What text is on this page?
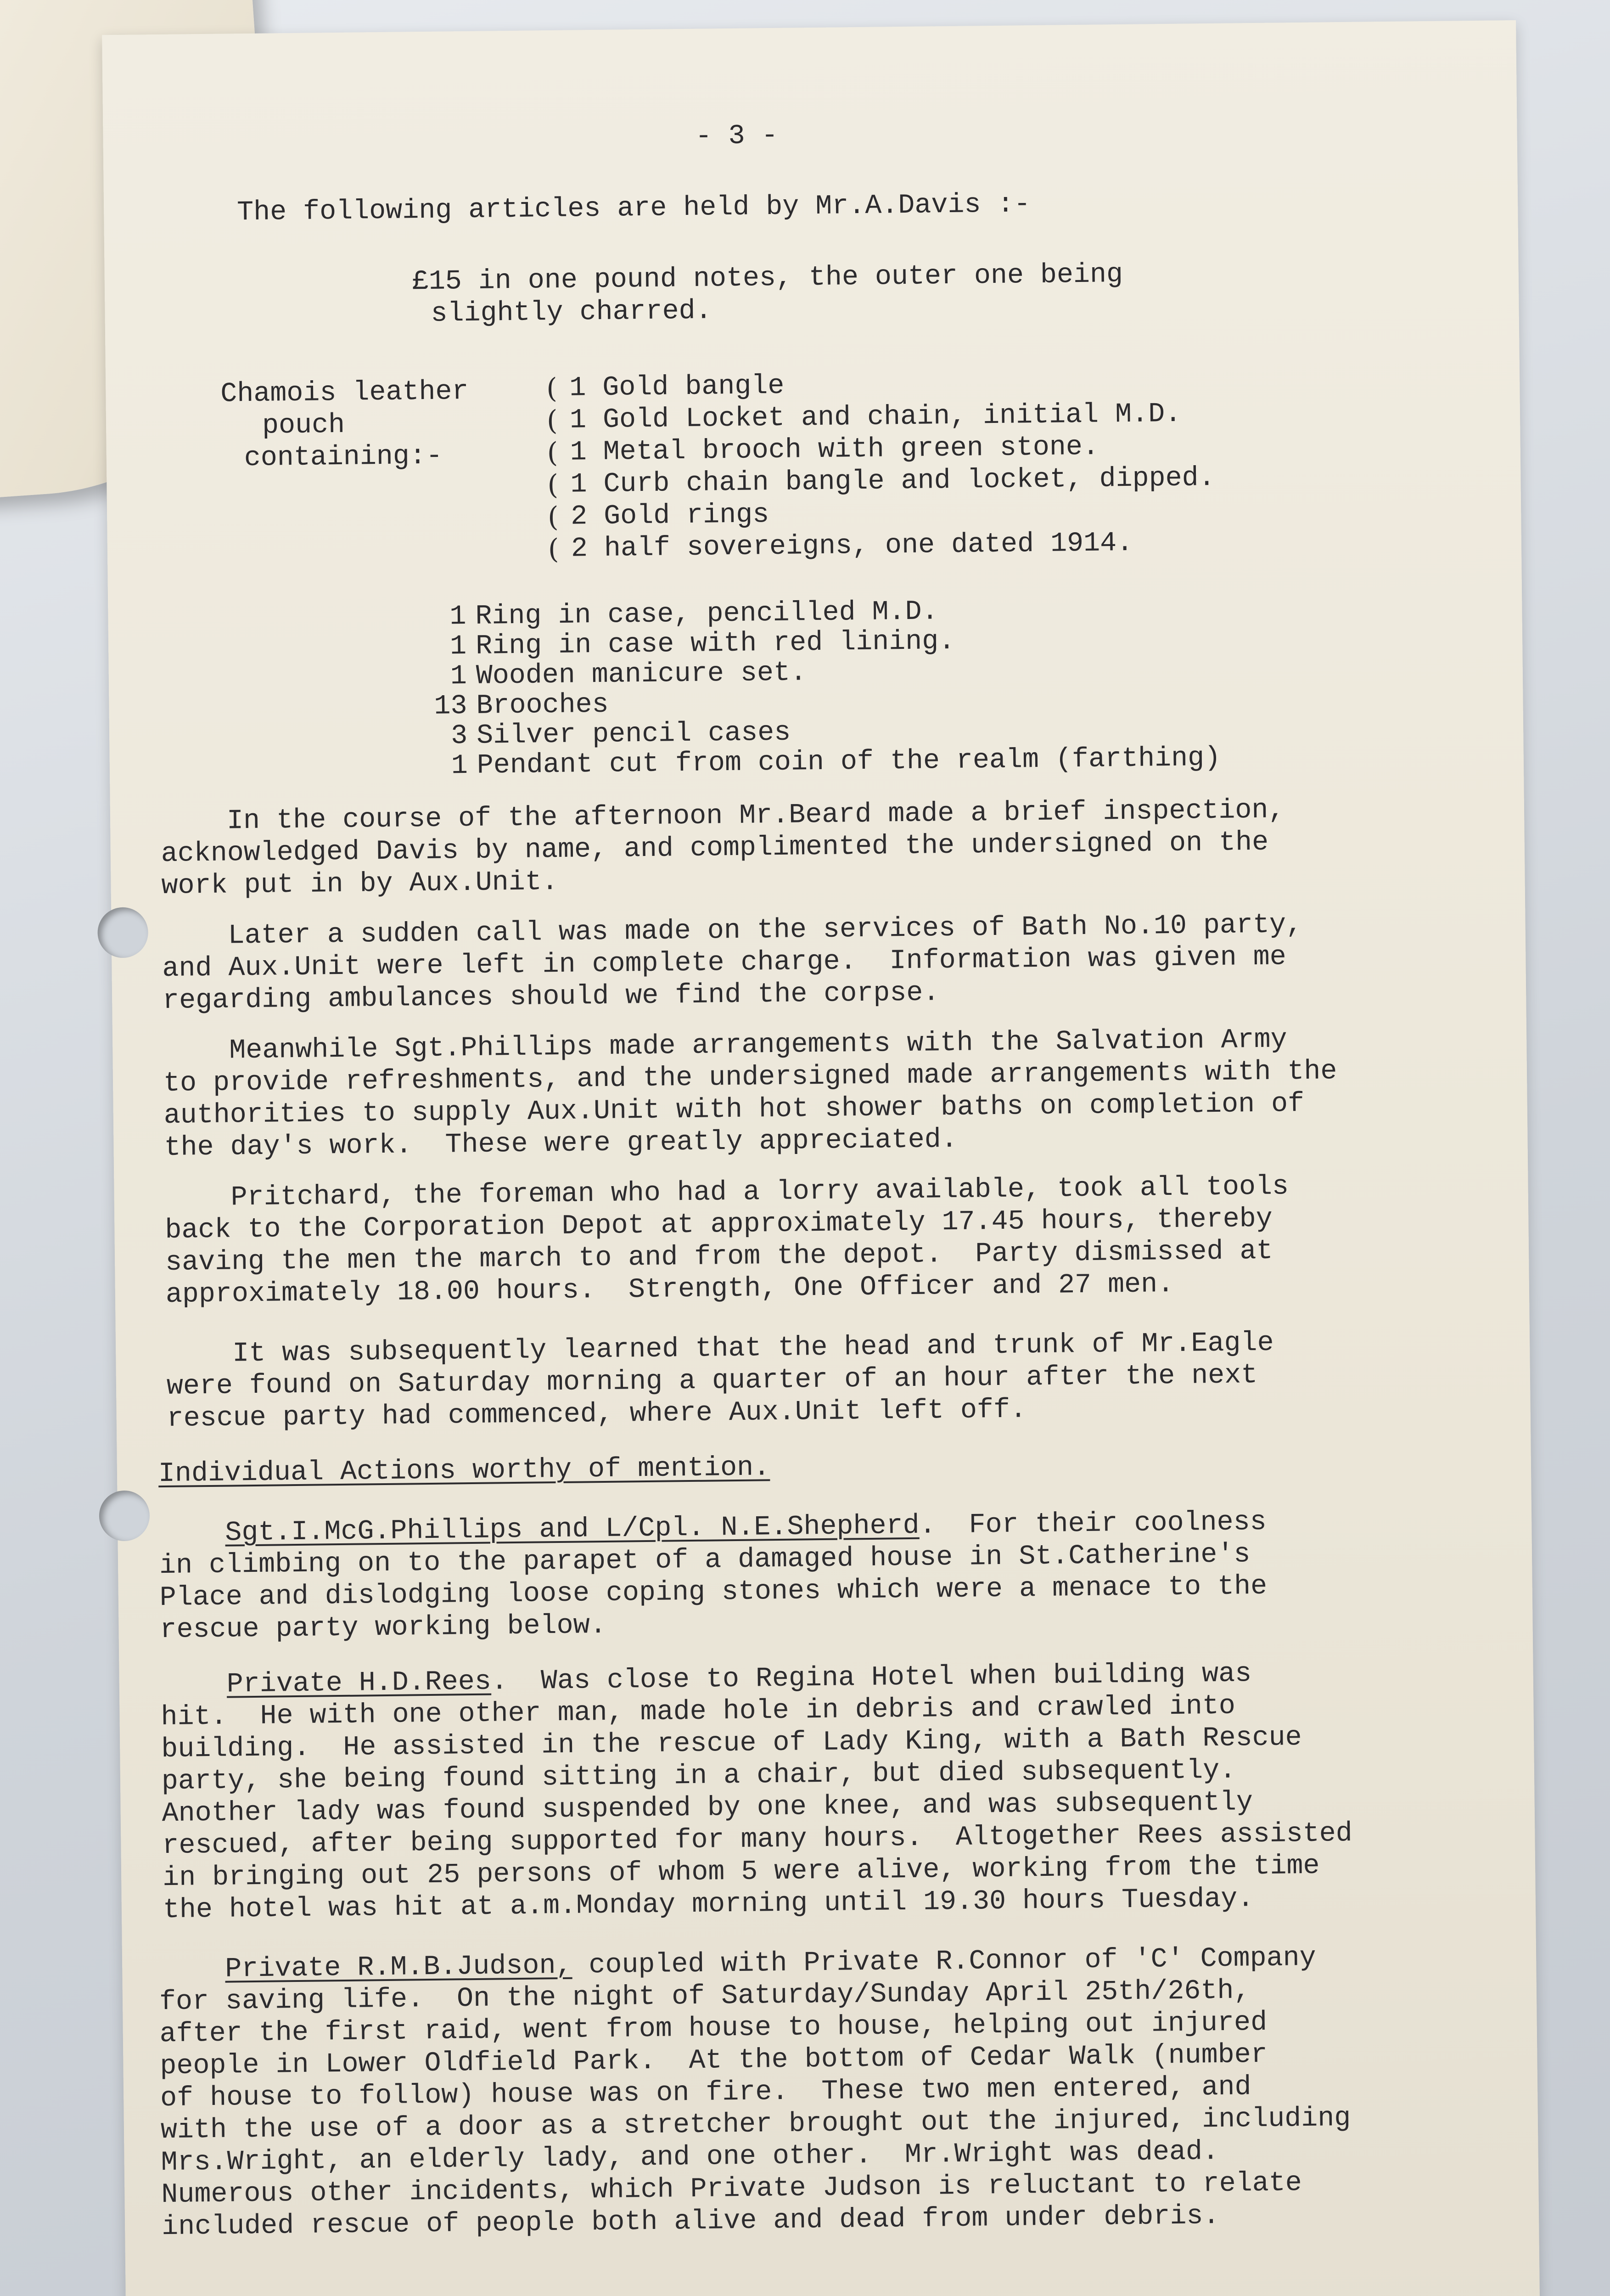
- 3 -
The following articles are held by Mr.A.Davis :-
£15 in one pound notes, the outer one being
slightly charred.
Chamois leather
pouch
containing:-
(
(
(
(
(
(
1 Gold bangle
1 Gold Locket and chain, initial M.D.
1 Metal brooch with green stone.
1 Curb chain bangle and locket, dipped.
2 Gold rings
2 half sovereigns, one dated 1914.
1 Ring in case, pencilled M.D.
1 Ring in case with red lining.
1 Wooden manicure set.
13 Brooches
3 Silver pencil cases
1 Pendant cut from coin of the realm (farthing)
In the course of the afternoon Mr.Beard made a brief inspection,
acknowledged Davis by name, and complimented the undersigned on the
work put in by Aux.Unit.
Later a sudden call was made on the services of Bath No.10 party,
and Aux.Unit were left in complete charge.  Information was given me
regarding ambulances should we find the corpse.
Meanwhile Sgt.Phillips made arrangements with the Salvation Army
to provide refreshments, and the undersigned made arrangements with the
authorities to supply Aux.Unit with hot shower baths on completion of
the day's work.  These were greatly appreciated.
Pritchard, the foreman who had a lorry available, took all tools
back to the Corporation Depot at approximately 17.45 hours, thereby
saving the men the march to and from the depot.  Party dismissed at
approximately 18.00 hours.  Strength, One Officer and 27 men.
It was subsequently learned that the head and trunk of Mr.Eagle
were found on Saturday morning a quarter of an hour after the next
rescue party had commenced, where Aux.Unit left off.
Individual Actions worthy of mention.
Sgt.I.McG.Phillips and L/Cpl. N.E.Shepherd.  For their coolness
in climbing on to the parapet of a damaged house in St.Catherine's
Place and dislodging loose coping stones which were a menace to the
rescue party working below.
Private H.D.Rees.  Was close to Regina Hotel when building was
hit.  He with one other man, made hole in debris and crawled into
building.  He assisted in the rescue of Lady King, with a Bath Rescue
party, she being found sitting in a chair, but died subsequently.
Another lady was found suspended by one knee, and was subsequently
rescued, after being supported for many hours.  Altogether Rees assisted
in bringing out 25 persons of whom 5 were alive, working from the time
the hotel was hit at a.m.Monday morning until 19.30 hours Tuesday.
Private R.M.B.Judson, coupled with Private R.Connor of 'C' Company
for saving life.  On the night of Saturday/Sunday April 25th/26th,
after the first raid, went from house to house, helping out injured
people in Lower Oldfield Park.  At the bottom of Cedar Walk (number
of house to follow) house was on fire.  These two men entered, and
with the use of a door as a stretcher brought out the injured, including
Mrs.Wright, an elderly lady, and one other.  Mr.Wright was dead.
Numerous other incidents, which Private Judson is reluctant to relate
included rescue of people both alive and dead from under debris.
